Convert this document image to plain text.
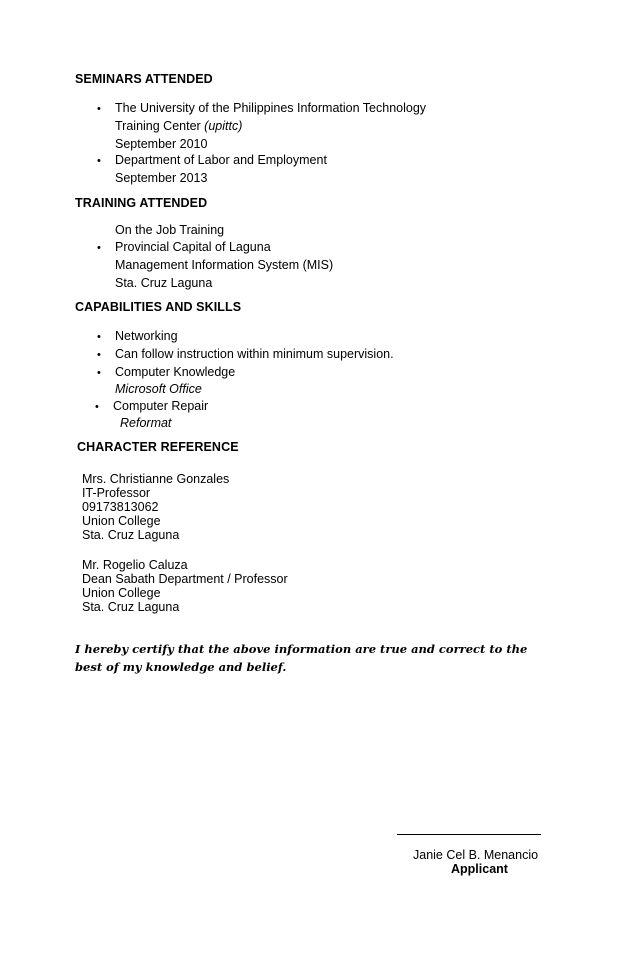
SEMINARS ATTENDED
• The University of the Philippines Information Technology
Training Center (upittc)
September 2010
• Department of Labor and Employment
September 2013
TRAINING ATTENDED
On the Job Training
• Provincial Capital of Laguna
Management Information System (MIS)
Sta. Cruz Laguna
CAPABILITIES AND SKILLS
• Networking
• Can follow instruction within minimum supervision.
• Computer Knowledge
Microsoft Office
• Computer Repair
Reformat
CHARACTER REFERENCE
Mrs. Christianne Gonzales
IT-Professor
09173813062
Union College
Sta. Cruz Laguna
Mr. Rogelio Caluza
Dean Sabath Department / Professor
Union College
Sta. Cruz Laguna
I hereby certify that the above information are true and correct to the best of my knowledge and belief.
Janie Cel B. Menancio
Applicant
